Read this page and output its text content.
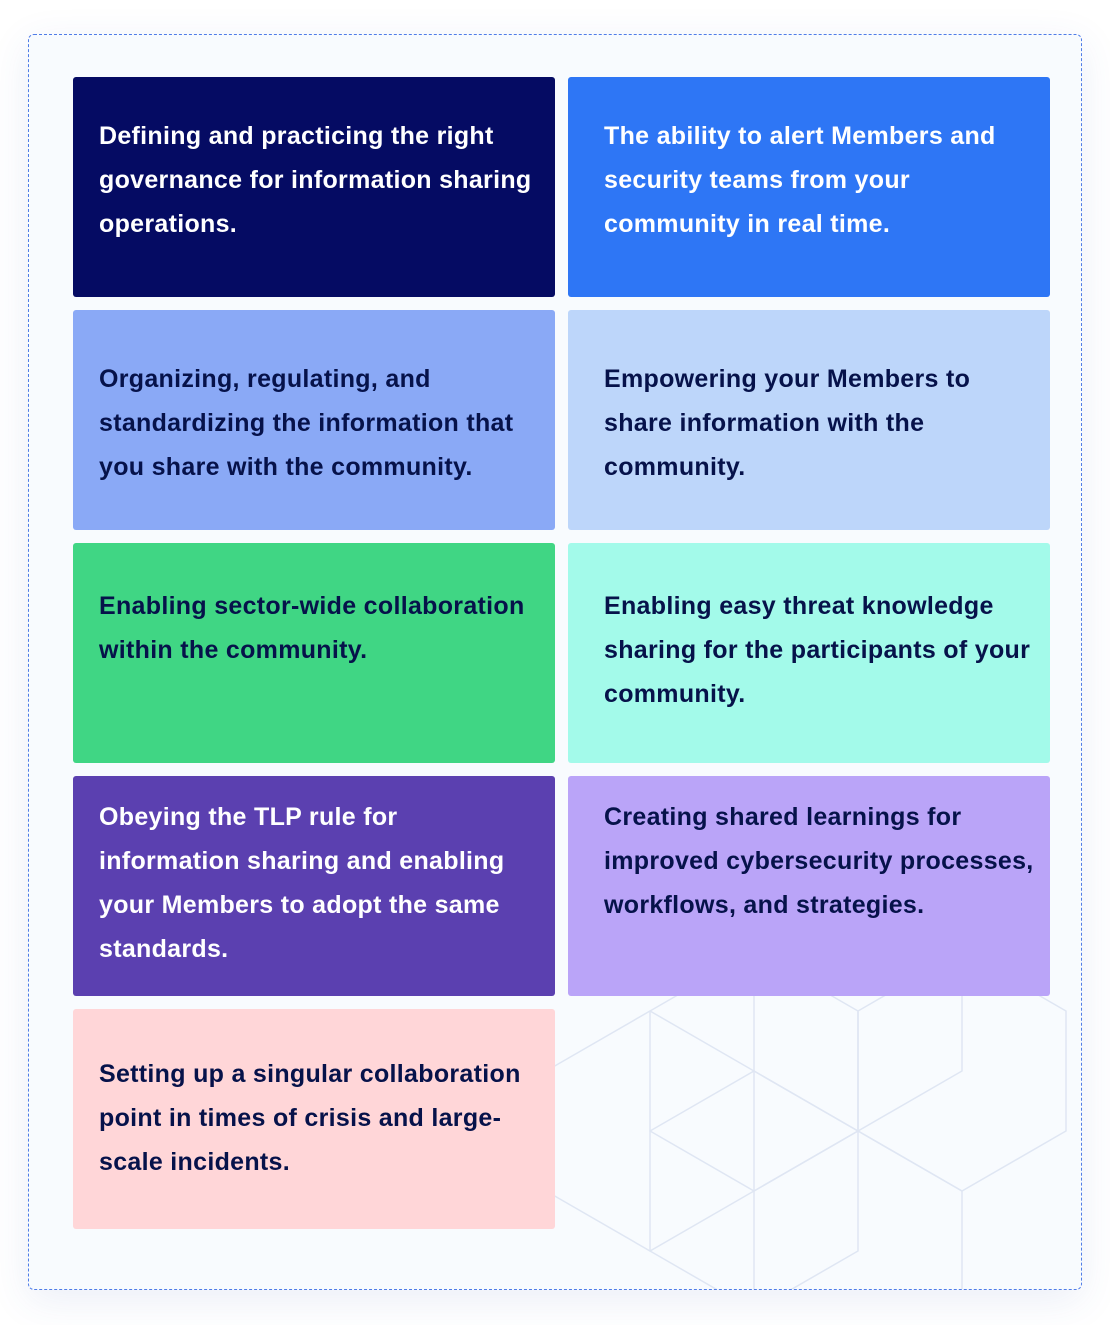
Defining and practicing the right governance for information sharing operations.
The ability to alert Members and security teams from your community in real time.
Organizing, regulating, and standardizing the information that you share with the community.
Empowering your Members to share information with the community.
Enabling sector-wide collaboration within the community.
Enabling easy threat knowledge sharing for the participants of your community.
Obeying the TLP rule for information sharing and enabling your Members to adopt the same standards.
Creating shared learnings for improved cybersecurity processes, workflows, and strategies.
Setting up a singular collaboration point in times of crisis and large-scale incidents.
